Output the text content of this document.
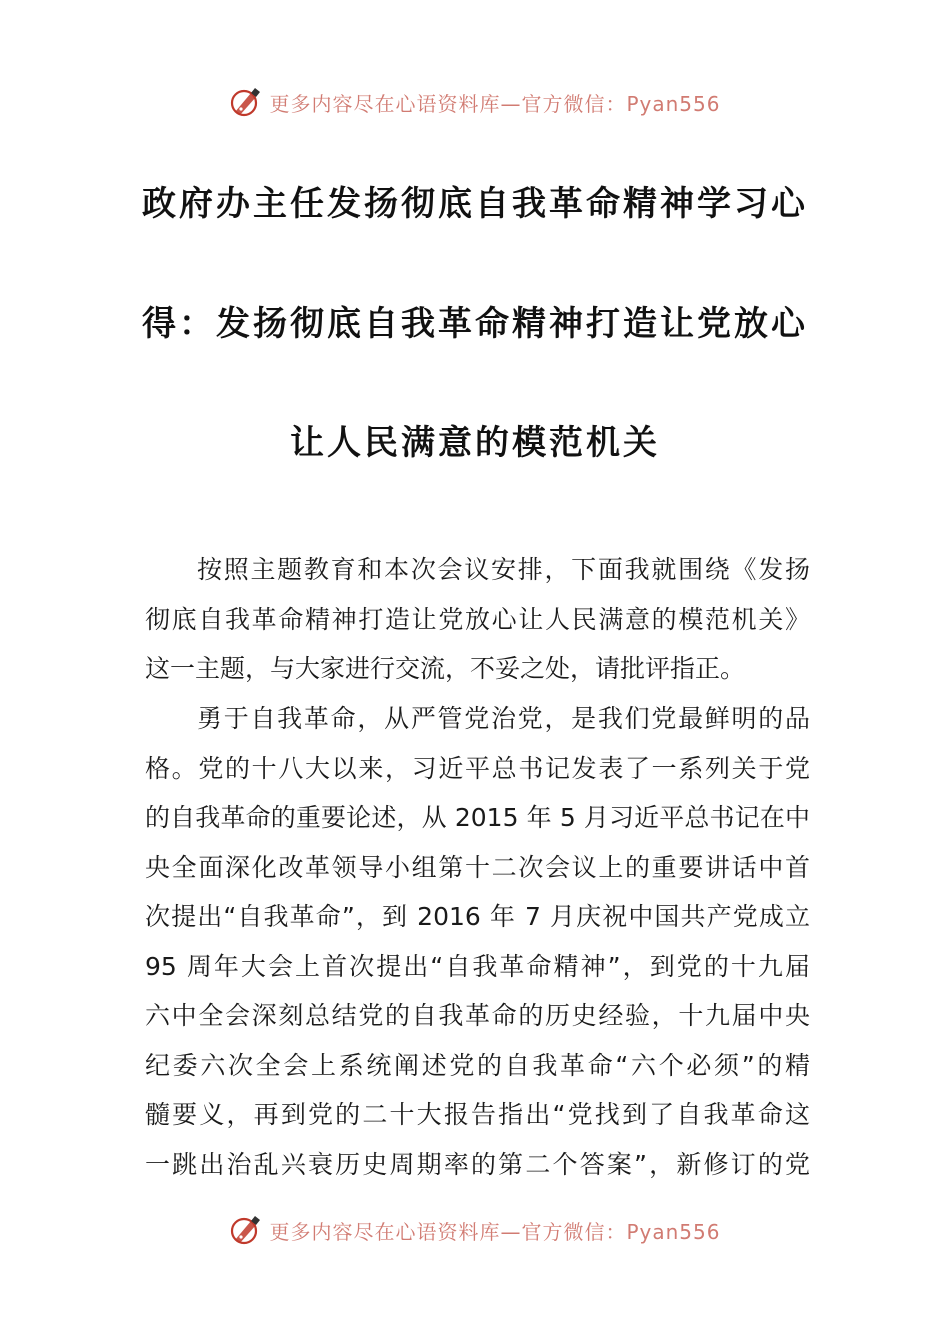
更多内容尽在心语资料库—官方微信：Pyan556
政府办主任发扬彻底自我革命精神学习心
得：发扬彻底自我革命精神打造让党放心
让人民满意的模范机关
按照主题教育和本次会议安排，下面我就围绕《发扬
彻底自我革命精神打造让党放心让人民满意的模范机关》
这一主题，与大家进行交流，不妥之处，请批评指正。
勇于自我革命，从严管党治党，是我们党最鲜明的品
格。党的十八大以来，习近平总书记发表了一系列关于党
的自我革命的重要论述，从 2015 年 5 月习近平总书记在中
央全面深化改革领导小组第十二次会议上的重要讲话中首
次提出“自我革命”，到 2016 年 7 月庆祝中国共产党成立
95 周年大会上首次提出“自我革命精神”，到党的十九届
六中全会深刻总结党的自我革命的历史经验，十九届中央
纪委六次全会上系统阐述党的自我革命“六个必须”的精
髓要义，再到党的二十大报告指出“党找到了自我革命这
一跳出治乱兴衰历史周期率的第二个答案”，新修订的党
更多内容尽在心语资料库—官方微信：Pyan556
